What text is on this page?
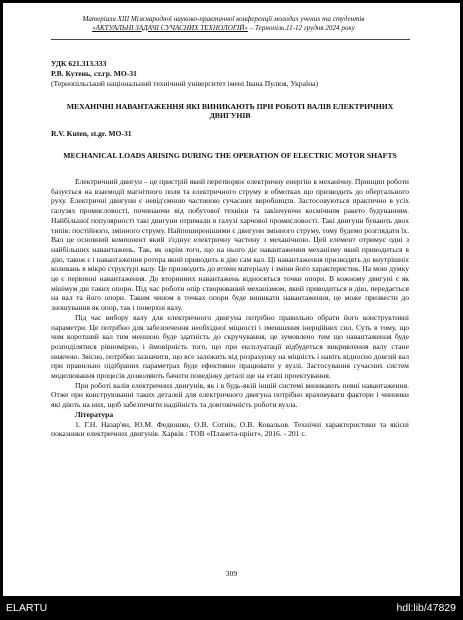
Матеріали XIII Міжнародної науково-практичної конференції молодих учених та студентів
«АКТУАЛЬНІ ЗАДАЧІ СУЧАСНИХ ТЕХНОЛОГІЙ» – Тернопіль,11-12 грудня 2024 року
УДК 621.313.333
Р.В. Кутень, ст.гр. МО-31
(Тернопільський національний технічний університет імені Івана Пулюя, Україна)
МЕХАНІЧНІ НАВАНТАЖЕННЯ ЯКІ ВИНИКАЮТЬ ПРИ РОБОТІ ВАЛІВ ЕЛЕКТРИЧНИХ ДВИГУНІВ
R.V. Kuten, st.gr. MO-31
MECHANICAL LOADS ARISING DURING THE OPERATION OF ELECTRIC MOTOR SHAFTS

Електричний двигун – це пристрій який перетворює електричну енергію в механічну. Принцип роботи базується на взаємодії магнітного поля та електричного струму в обмотках що призводить до обертального руху. Електричні двигуни є невід'ємною частиною сучасних виробництв. Застосовуються практично в усіх галузях промисловості, починаючи від побутової техніки та закінчуючи космічним ракето будуванням. Найбільшої популярності такі двигуни отримали в галузі харчової промисловості. Такі двигуни бувають двох типів: постійного, змінного струму. Найпоширенішими є двигуни змінного струму, тому будемо розглядати їх. Вал це основний компонент який з'єднує електричну частину з механічною. Цей елемент отримує одні з найбільших навантажень. Так, як окрім того, що на нього діє навантаження механізму який приводиться в дію, також є і навантаження ротора який приводить в дію сам вал. Ці навантаження призводять до внутрішніх коливань в мікро структурі валу. Це призводить до втоми матеріалу і зміни його характеристик. На мою думку це є первинні навантаження. До вторинних навантажень відносяться точки опори. В кожному двигуні є як мінімум дві таких опори. Під час роботи опір створюваний механізмом, який приводиться в дію, передається на вал та його опори. Таким чином в точках опори буде виникати навантаження, це може призвести до зношування як опор, так і поверхні валу.

Під час вибору валу для електричного двигуна потрібно правильно обрати його конструктивні параметри. Це потрібно для забезпечення необхідної міцності і зменшення інерційних сил. Суть в тому, що чим коротший вал тим меншою буде здатність до скручування, це зумовлено тим що навантаження буде розподілятися рівномірно, і ймовірність того, що при експлуатації відбудеться викривлення валу стане нижчою. Звісно, потрібно зазначити, що все залежить від розрахунку на міцність і навіть відносно довгий вал при правильно підібраних параметрах буде ефективно працювати у вузлі. Застосування сучасних систем моделювання процесів дозволяють бачити поведінку деталі ще на етапі проектування.

При роботі валів електричних двигунів, як і в будь-якій іншій системі виникають певні навантаження. Отже при конструюванні таких деталей для електричного двигуна потрібно враховувати фактори і чинники які діють на них, щоб забезпечити надійність та довговічність роботи вузла.

Література

1. Г.Н. Назар'ян, Ю.М. Федюшко, О.В. Сотнік, О.В. Ковальов. Технічні характеристики та якісні показники електричних двигунів. Харків : ТОВ «Планета-прінт», 2016. - 201 с.

309
ELARTU	hdl:lib/47829
